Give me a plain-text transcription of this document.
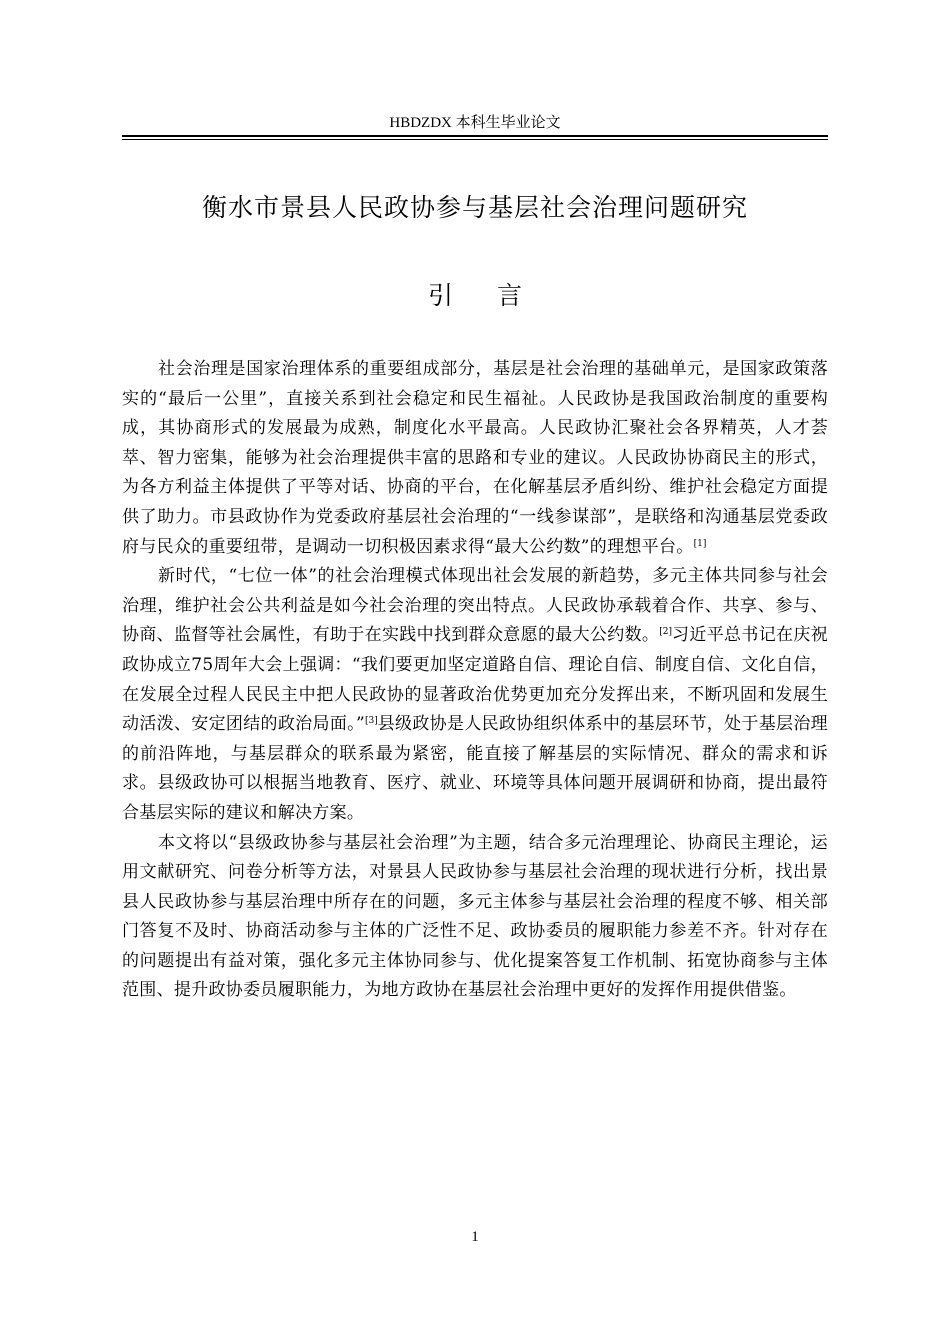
HBDZDX 本科生毕业论文
衡水市景县人民政协参与基层社会治理问题研究
引 言

社会治理是国家治理体系的重要组成部分，基层是社会治理的基础单元，是国家政策落实的“最后一公里”，直接关系到社会稳定和民生福祉。人民政协是我国政治制度的重要构成，其协商形式的发展最为成熟，制度化水平最高。人民政协汇聚社会各界精英，人才荟萃、智力密集，能够为社会治理提供丰富的思路和专业的建议。人民政协协商民主的形式，为各方利益主体提供了平等对话、协商的平台，在化解基层矛盾纠纷、维护社会稳定方面提供了助力。市县政协作为党委政府基层社会治理的“一线参谋部”，是联络和沟通基层党委政府与民众的重要纽带，是调动一切积极因素求得“最大公约数”的理想平台。[1]

新时代，“七位一体”的社会治理模式体现出社会发展的新趋势，多元主体共同参与社会治理，维护社会公共利益是如今社会治理的突出特点。人民政协承载着合作、共享、参与、协商、监督等社会属性，有助于在实践中找到群众意愿的最大公约数。[2]习近平总书记在庆祝政协成立75周年大会上强调：“我们要更加坚定道路自信、理论自信、制度自信、文化自信，在发展全过程人民民主中把人民政协的显著政治优势更加充分发挥出来，不断巩固和发展生动活泼、安定团结的政治局面。”[3]县级政协是人民政协组织体系中的基层环节，处于基层治理的前沿阵地，与基层群众的联系最为紧密，能直接了解基层的实际情况、群众的需求和诉求。县级政协可以根据当地教育、医疗、就业、环境等具体问题开展调研和协商，提出最符合基层实际的建议和解决方案。

本文将以“县级政协参与基层社会治理”为主题，结合多元治理理论、协商民主理论，运用文献研究、问卷分析等方法，对景县人民政协参与基层社会治理的现状进行分析，找出景县人民政协参与基层治理中所存在的问题，多元主体参与基层社会治理的程度不够、相关部门答复不及时、协商活动参与主体的广泛性不足、政协委员的履职能力参差不齐。针对存在的问题提出有益对策，强化多元主体协同参与、优化提案答复工作机制、拓宽协商参与主体范围、提升政协委员履职能力，为地方政协在基层社会治理中更好的发挥作用提供借鉴。

1
